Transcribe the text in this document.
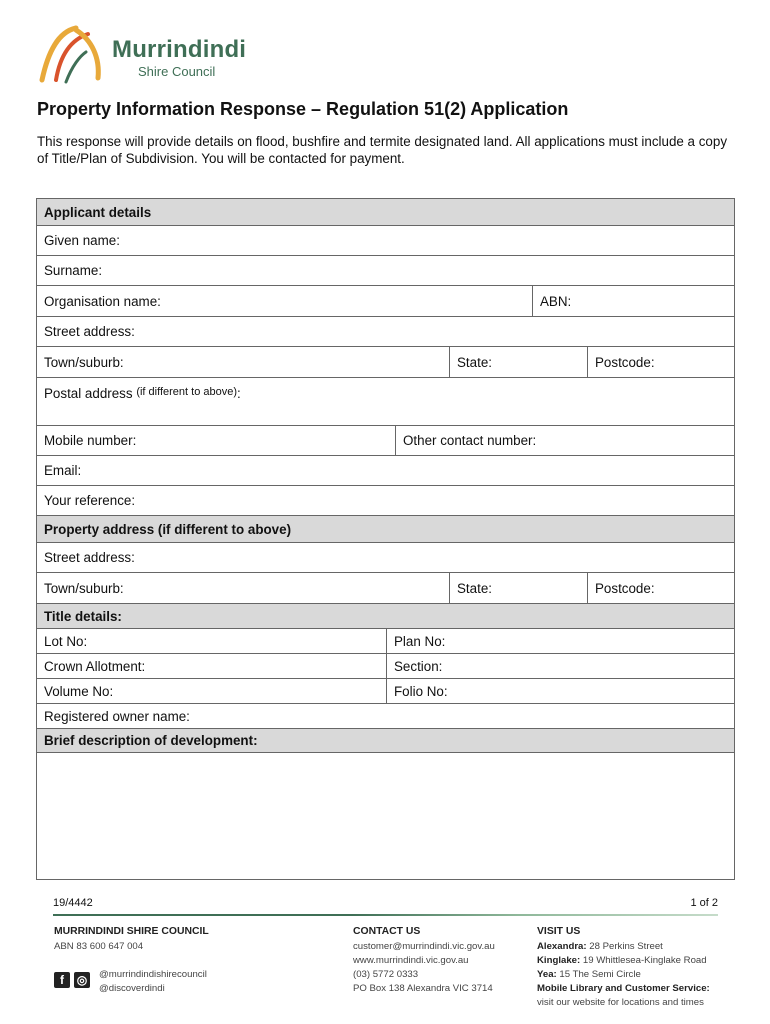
Murrindindi
Shire Council
Property Information Response – Regulation 51(2) Application
This response will provide details on flood, bushfire and termite designated land. All applications must include a copy of Title/Plan of Subdivision. You will be contacted for payment.
Applicant details
Given name:
Surname:
Organisation name:	ABN:
Street address:
Town/suburb:	State:	Postcode:
Postal address
(if different to above) :
Mobile number:	Other contact number:
Email:
Your reference:
Property address (if different to above)
Street address:
Town/suburb:	State:	Postcode:
Title details:
Lot No:	Plan No:
Crown Allotment:	Section:
Volume No:	Folio No:
Registered owner name:
Brief description of development:
19/4442	1 of 2
MURRINDINDI SHIRE COUNCIL
ABN 83 600 647 004
f	◎ @murrindindishirecouncil
@discoverdindi
CONTACT US
customer@murrindindi.vic.gov.au
www.murrindindi.vic.gov.au
(03) 5772 0333
PO Box 138 Alexandra VIC 3714
VISIT US
Alexandra: 28 Perkins Street
Kinglake: 19 Whittlesea-Kinglake Road
Yea: 15 The Semi Circle
Mobile Library and Customer Service:
visit our website for locations and times
